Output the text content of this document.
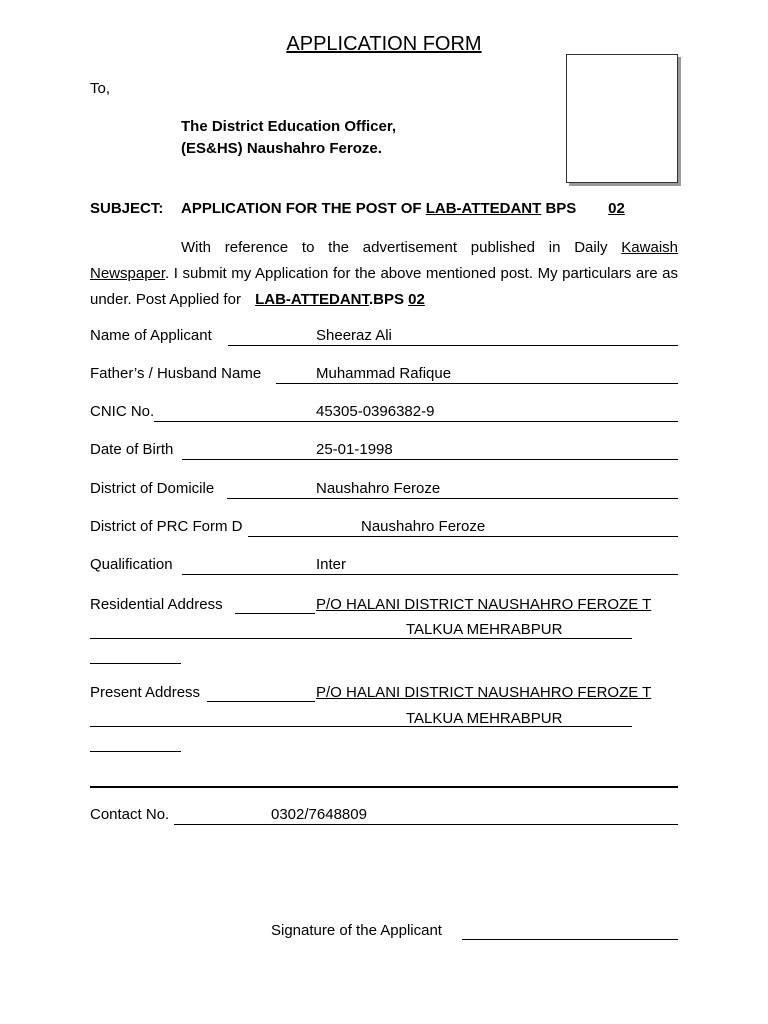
APPLICATION FORM
To,
The District Education Officer,
(ES&HS) Naushahro Feroze.
SUBJECT: APPLICATION FOR THE POST OF LAB-ATTEDANT BPS 02
With reference to the advertisement published in Daily Kawaish Newspaper. I submit my Application for the above mentioned post. My particulars are as under. Post Applied for LAB-ATTEDANT.BPS 02
Name of Applicant	Sheeraz Ali
Father’s / Husband Name	Muhammad Rafique
CNIC No.	45305-0396382-9
Date of Birth	25-01-1998
District of Domicile	Naushahro Feroze
District of PRC Form D	Naushahro Feroze
Qualification	Inter
Residential Address	P/O HALANI DISTRICT NAUSHAHRO FEROZE T
TALKUA MEHRABPUR
Present Address	P/O HALANI DISTRICT NAUSHAHRO FEROZE T
TALKUA MEHRABPUR
Contact No.	0302/7648809
Signature of the Applicant
